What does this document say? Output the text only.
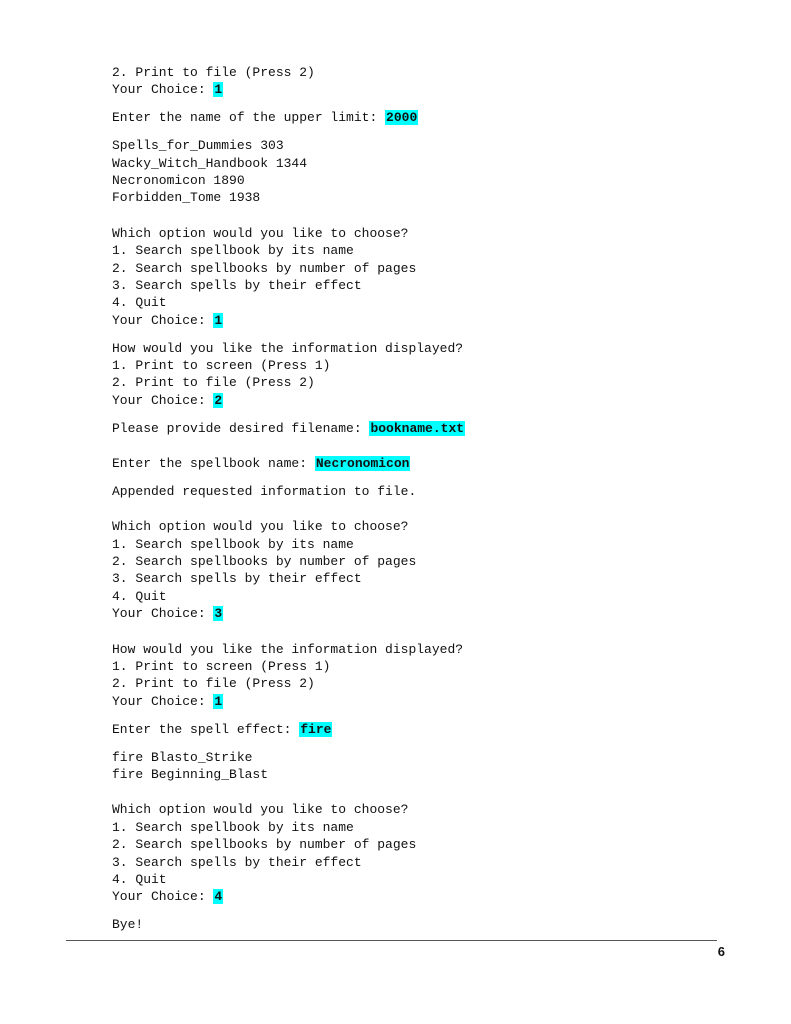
2. Print to file (Press 2)
Your Choice: 1
Enter the name of the upper limit: 2000
Spells_for_Dummies 303
Wacky_Witch_Handbook 1344
Necronomicon 1890
Forbidden_Tome 1938
Which option would you like to choose?
1. Search spellbook by its name
2. Search spellbooks by number of pages
3. Search spells by their effect
4. Quit
Your Choice: 1
How would you like the information displayed?
1. Print to screen (Press 1)
2. Print to file (Press 2)
Your Choice: 2
Please provide desired filename: bookname.txt
Enter the spellbook name: Necronomicon
Appended requested information to file.
Which option would you like to choose?
1. Search spellbook by its name
2. Search spellbooks by number of pages
3. Search spells by their effect
4. Quit
Your Choice: 3
How would you like the information displayed?
1. Print to screen (Press 1)
2. Print to file (Press 2)
Your Choice: 1
Enter the spell effect: fire
fire Blasto_Strike
fire Beginning_Blast
Which option would you like to choose?
1. Search spellbook by its name
2. Search spellbooks by number of pages
3. Search spells by their effect
4. Quit
Your Choice: 4
Bye!
6
